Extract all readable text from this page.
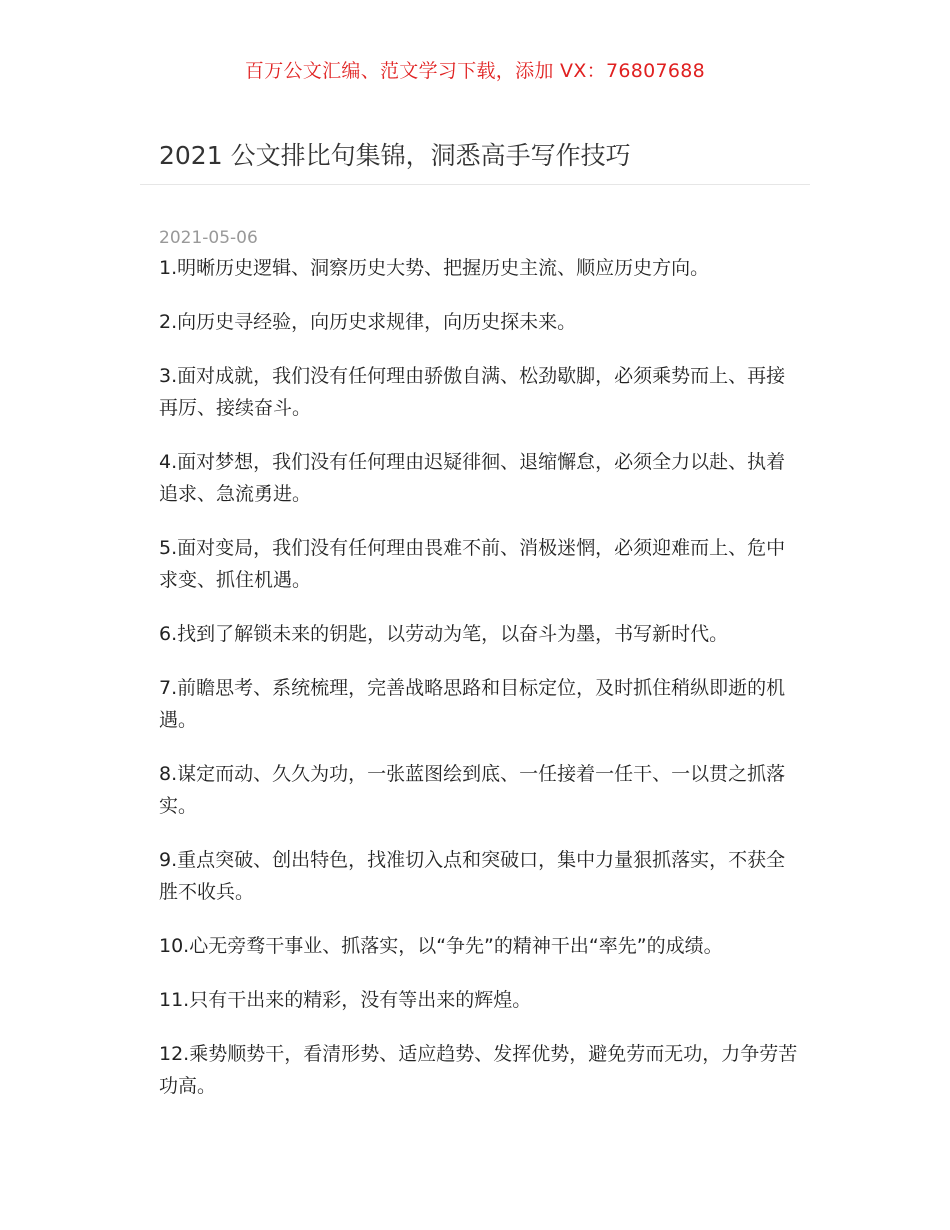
百万公文汇编、范文学习下载，添加 VX：76807688
2021 公文排比句集锦，洞悉高手写作技巧
2021-05-06
1.明晰历史逻辑、洞察历史大势、把握历史主流、顺应历史方向。
2.向历史寻经验，向历史求规律，向历史探未来。
3.面对成就，我们没有任何理由骄傲自满、松劲歇脚，必须乘势而上、再接再厉、接续奋斗。
4.面对梦想，我们没有任何理由迟疑徘徊、退缩懈怠，必须全力以赴、执着追求、急流勇进。
5.面对变局，我们没有任何理由畏难不前、消极迷惘，必须迎难而上、危中求变、抓住机遇。
6.找到了解锁未来的钥匙，以劳动为笔，以奋斗为墨，书写新时代。
7.前瞻思考、系统梳理，完善战略思路和目标定位，及时抓住稍纵即逝的机遇。
8.谋定而动、久久为功，一张蓝图绘到底、一任接着一任干、一以贯之抓落实。
9.重点突破、创出特色，找准切入点和突破口，集中力量狠抓落实，不获全胜不收兵。
10.心无旁骛干事业、抓落实，以“争先”的精神干出“率先”的成绩。
11.只有干出来的精彩，没有等出来的辉煌。
12.乘势顺势干，看清形势、适应趋势、发挥优势，避免劳而无功，力争劳苦功高。
